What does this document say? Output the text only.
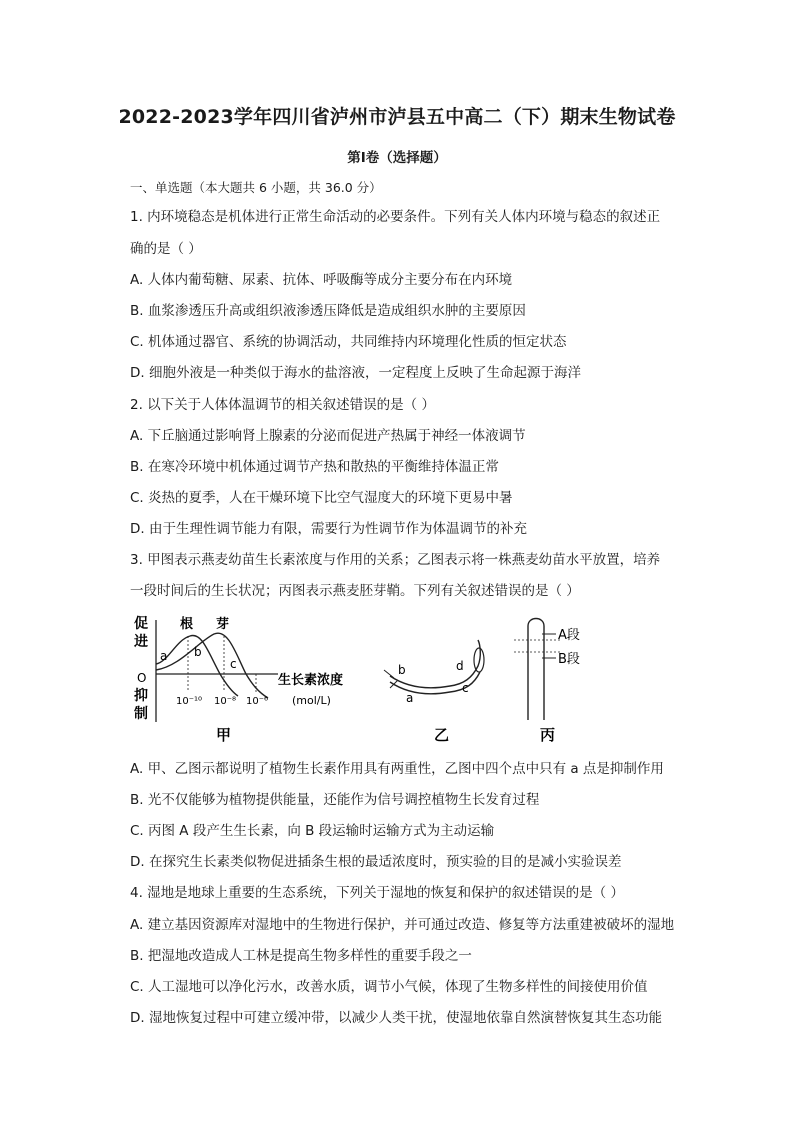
2022-2023学年四川省泸州市泸县五中高二（下）期末生物试卷
第Ⅰ卷（选择题）
一、单选题（本大题共 6 小题，共 36.0 分）
1. 内环境稳态是机体进行正常生命活动的必要条件。下列有关人体内环境与稳态的叙述正
确的是（ ）
A. 人体内葡萄糖、尿素、抗体、呼吸酶等成分主要分布在内环境
B. 血浆渗透压升高或组织液渗透压降低是造成组织水肿的主要原因
C. 机体通过器官、系统的协调活动，共同维持内环境理化性质的恒定状态
D. 细胞外液是一种类似于海水的盐溶液，一定程度上反映了生命起源于海洋
2. 以下关于人体体温调节的相关叙述错误的是（ ）
A. 下丘脑通过影响肾上腺素的分泌而促进产热属于神经一体液调节
B. 在寒冷环境中机体通过调节产热和散热的平衡维持体温正常
C. 炎热的夏季，人在干燥环境下比空气湿度大的环境下更易中暑
D. 由于生理性调节能力有限，需要行为性调节作为体温调节的补充
3. 甲图表示燕麦幼苗生长素浓度与作用的关系；乙图表示将一株燕麦幼苗水平放置，培养
一段时间后的生长状况；丙图表示燕麦胚芽鞘。下列有关叙述错误的是（ ）
促
进
O
抑
制
根 芽
a b
c
生长素浓度
(mol/L)
10⁻¹⁰ 10⁻⁸ 10⁻⁶
甲
b
a
c
d
乙
A段
B段
丙
A. 甲、乙图示都说明了植物生长素作用具有两重性，乙图中四个点中只有 a 点是抑制作用
B. 光不仅能够为植物提供能量，还能作为信号调控植物生长发育过程
C. 丙图 A 段产生生长素，向 B 段运输时运输方式为主动运输
D. 在探究生长素类似物促进插条生根的最适浓度时，预实验的目的是减小实验误差
4. 湿地是地球上重要的生态系统，下列关于湿地的恢复和保护的叙述错误的是（ ）
A. 建立基因资源库对湿地中的生物进行保护，并可通过改造、修复等方法重建被破坏的湿地
B. 把湿地改造成人工林是提高生物多样性的重要手段之一
C. 人工湿地可以净化污水，改善水质，调节小气候，体现了生物多样性的间接使用价值
D. 湿地恢复过程中可建立缓冲带，以减少人类干扰，使湿地依靠自然演替恢复其生态功能
